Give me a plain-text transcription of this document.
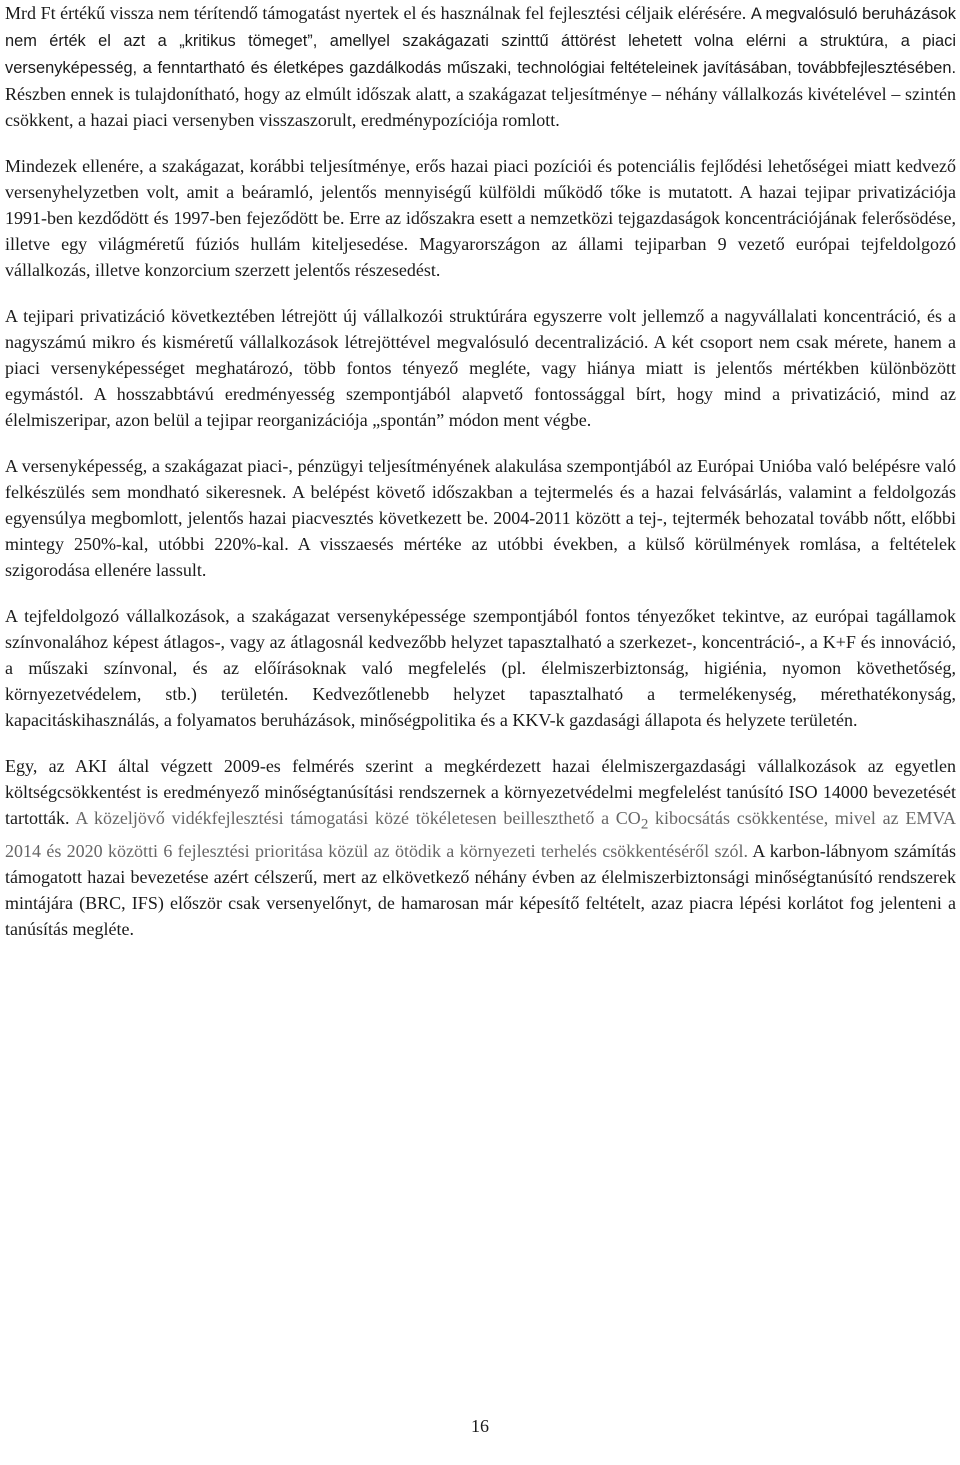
Mrd Ft értékű vissza nem térítendő támogatást nyertek el és használnak fel fejlesztési céljaik elérésére. A megvalósuló beruházások nem érték el azt a „kritikus tömeget”, amellyel szakágazati szinttű áttörést lehetett volna elérni a struktúra, a piaci versenyképesség, a fenntartható és életképes gazdálkodás műszaki, technológiai feltételeinek javításában, továbbfejlesztésében. Részben ennek is tulajdonítható, hogy az elmúlt időszak alatt, a szakágazat teljesítménye – néhány vállalkozás kivételével – szintén csökkent, a hazai piaci versenyben visszaszorult, eredménypozíciója romlott.

Mindezek ellenére, a szakágazat, korábbi teljesítménye, erős hazai piaci pozíciói és potenciális fejlődési lehetőségei miatt kedvező versenyhelyzetben volt, amit a beáramló, jelentős mennyiségű külföldi működő tőke is mutatott. A hazai tejipar privatizációja 1991-ben kezdődött és 1997-ben fejeződött be. Erre az időszakra esett a nemzetközi tejgazdaságok koncentrációjának felerősödése, illetve egy világméretű fúziós hullám kiteljesedése. Magyarországon az állami tejiparban 9 vezető európai tejfeldolgozó vállalkozás, illetve konzorcium szerzett jelentős részesedést.

A tejipari privatizáció következtében létrejött új vállalkozói struktúrára egyszerre volt jellemző a nagyvállalati koncentráció, és a nagyszámú mikro és kisméretű vállalkozások létrejöttével megvalósuló decentralizáció. A két csoport nem csak mérete, hanem a piaci versenyképességet meghatározó, több fontos tényező megléte, vagy hiánya miatt is jelentős mértékben különbözött egymástól. A hosszabbtávú eredményesség szempontjából alapvető fontossággal bírt, hogy mind a privatizáció, mind az élelmiszeripar, azon belül a tejipar reorganizációja „spontán” módon ment végbe.

A versenyképesség, a szakágazat piaci-, pénzügyi teljesítményének alakulása szempontjából az Európai Unióba való belépésre való felkészülés sem mondható sikeresnek. A belépést követő időszakban a tejtermelés és a hazai felvásárlás, valamint a feldolgozás egyensúlya megbomlott, jelentős hazai piacvesztés következett be. 2004-2011 között a tej-, tejtermék behozatal tovább nőtt, előbbi mintegy 250%-kal, utóbbi 220%-kal. A visszaesés mértéke az utóbbi években, a külső körülmények romlása, a feltételek szigorodása ellenére lassult.

A tejfeldolgozó vállalkozások, a szakágazat versenyképessége szempontjából fontos tényezőket tekintve, az európai tagállamok színvonalához képest átlagos-, vagy az átlagosnál kedvezőbb helyzet tapasztalható a szerkezet-, koncentráció-, a K+F és innováció, a műszaki színvonal, és az előírásoknak való megfelelés (pl. élelmiszerbiztonság, higiénia, nyomon követhetőség, környezetvédelem, stb.) területén. Kedvezőtlenebb helyzet tapasztalható a termelékenység, mérethatékonyság, kapacitáskihasználás, a folyamatos beruházások, minőségpolitika és a KKV-k gazdasági állapota és helyzete területén.

Egy, az AKI által végzett 2009-es felmérés szerint a megkérdezett hazai élelmiszergazdasági vállalkozások az egyetlen költségcsökkentést is eredményező minőségtanúsítási rendszernek a környezetvédelmi megfelelést tanúsító ISO 14000 bevezetését tartották. A közeljövő vidékfejlesztési támogatási közé tökéletesen beilleszthető a $CO_2$ kibocsátás csökkentése, mivel az EMVA 2014 és 2020 közötti 6 fejlesztési prioritása közül az ötödik a környezeti terhelés csökkentéséről szól. A karbon-lábnyom számítás támogatott hazai bevezetése azért célszerű, mert az elkövetkező néhány évben az élelmiszerbiztonsági minőségtanúsító rendszerek mintájára (BRC, IFS) először csak versenyelőnyt, de hamarosan már képesítő feltételt, azaz piacra lépési korlátot fog jelenteni a tanúsítás megléte.

16
